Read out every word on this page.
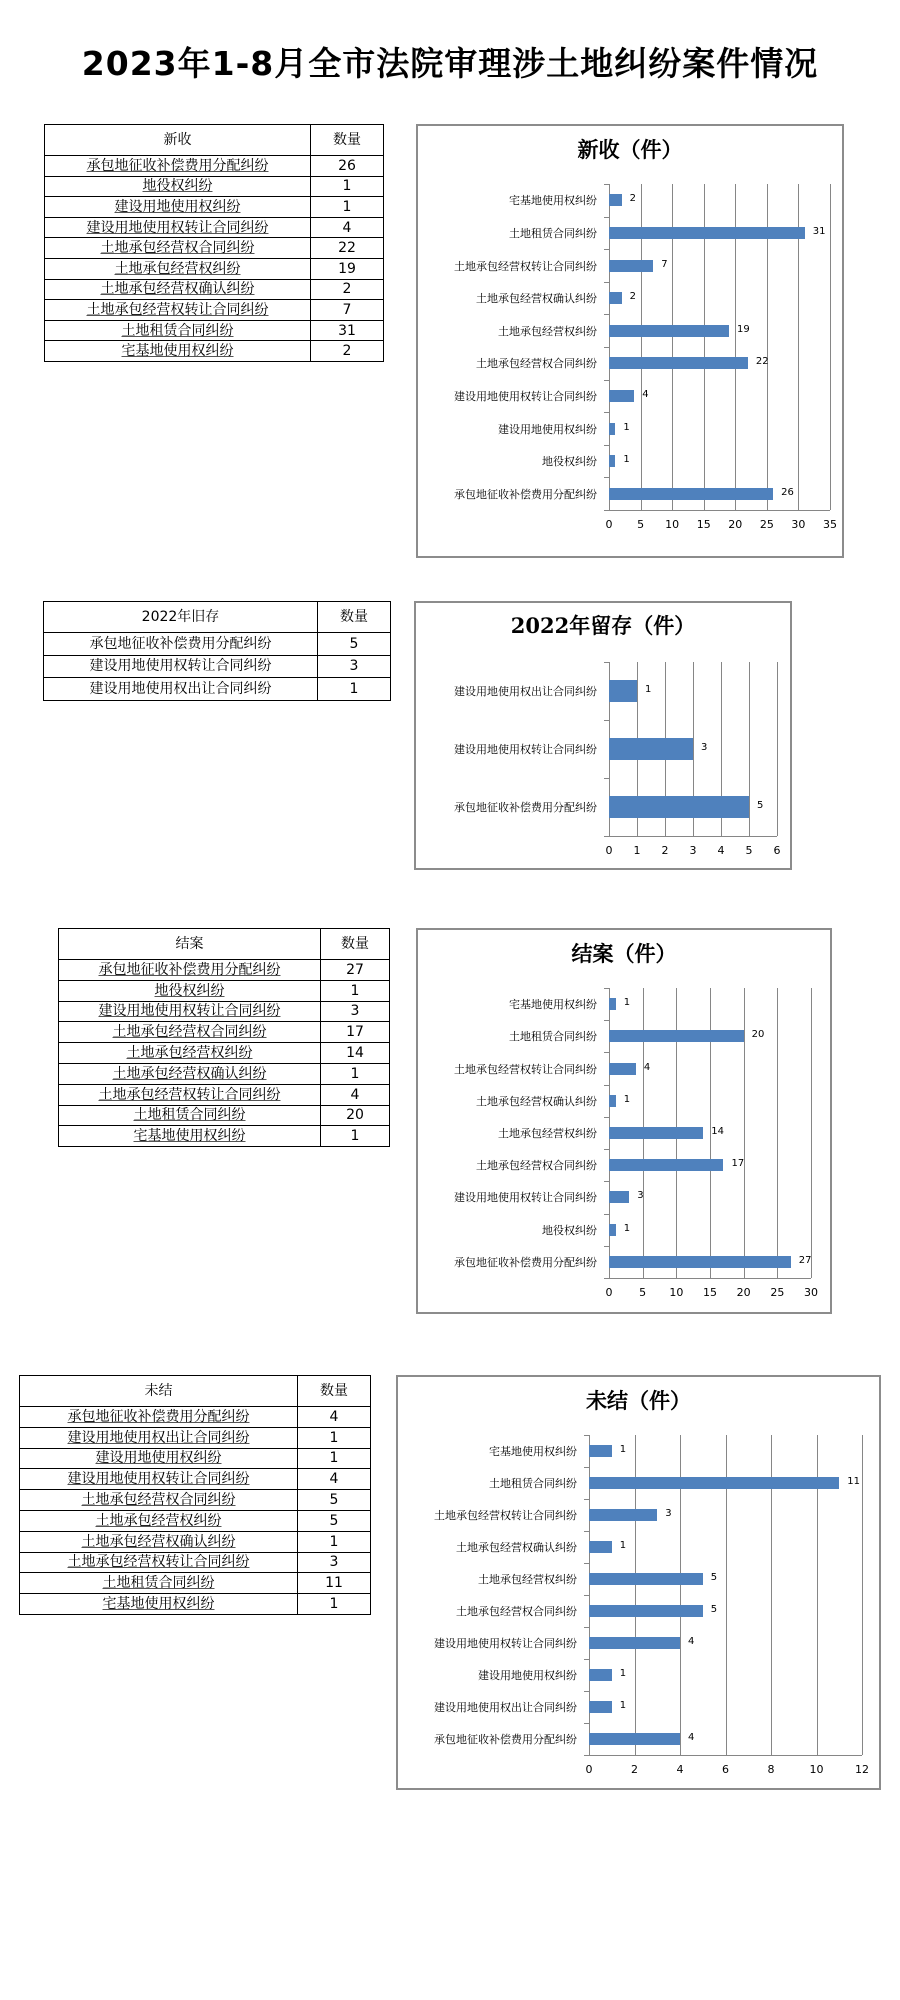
2023年1-8月全市法院审理涉土地纠纷案件情况
新收	数量
承包地征收补偿费用分配纠纷	26
地役权纠纷	1
建设用地使用权纠纷	1
建设用地使用权转让合同纠纷	4
土地承包经营权合同纠纷	22
土地承包经营权纠纷	19
土地承包经营权确认纠纷	2
土地承包经营权转让合同纠纷	7
土地租赁合同纠纷	31
宅基地使用权纠纷	2
2022年旧存	数量
承包地征收补偿费用分配纠纷	5
建设用地使用权转让合同纠纷	3
建设用地使用权出让合同纠纷	1
结案	数量
承包地征收补偿费用分配纠纷	27
地役权纠纷	1
建设用地使用权转让合同纠纷	3
土地承包经营权合同纠纷	17
土地承包经营权纠纷	14
土地承包经营权确认纠纷	1
土地承包经营权转让合同纠纷	4
土地租赁合同纠纷	20
宅基地使用权纠纷	1
未结	数量
承包地征收补偿费用分配纠纷	4
建设用地使用权出让合同纠纷	1
建设用地使用权纠纷	1
建设用地使用权转让合同纠纷	4
土地承包经营权合同纠纷	5
土地承包经营权纠纷	5
土地承包经营权确认纠纷	1
土地承包经营权转让合同纠纷	3
土地租赁合同纠纷	11
宅基地使用权纠纷	1
新收（件）
0 5 10 15 20 25 30 35
2
31
7
2
19
22
4
1
1
26
宅基地使用权纠纷
土地租赁合同纠纷
土地承包经营权转让合同纠纷
土地承包经营权确认纠纷
土地承包经营权纠纷
土地承包经营权合同纠纷
建设用地使用权转让合同纠纷
建设用地使用权纠纷
地役权纠纷
承包地征收补偿费用分配纠纷
2022年留存（件）
0 1 2 3 4 5 6
1
3
5
建设用地使用权出让合同纠纷
建设用地使用权转让合同纠纷
承包地征收补偿费用分配纠纷
结案（件）
0 5 10 15 20 25 30
1
20
4
1
14
17
3
1
27
宅基地使用权纠纷
土地租赁合同纠纷
土地承包经营权转让合同纠纷
土地承包经营权确认纠纷
土地承包经营权纠纷
土地承包经营权合同纠纷
建设用地使用权转让合同纠纷
地役权纠纷
承包地征收补偿费用分配纠纷
未结（件）
0	2	4	6	8	10	12
1
11
3
1
5
5
4
1
1
4
宅基地使用权纠纷
土地租赁合同纠纷
土地承包经营权转让合同纠纷
土地承包经营权确认纠纷
土地承包经营权纠纷
土地承包经营权合同纠纷
建设用地使用权转让合同纠纷
建设用地使用权纠纷
建设用地使用权出让合同纠纷
承包地征收补偿费用分配纠纷
